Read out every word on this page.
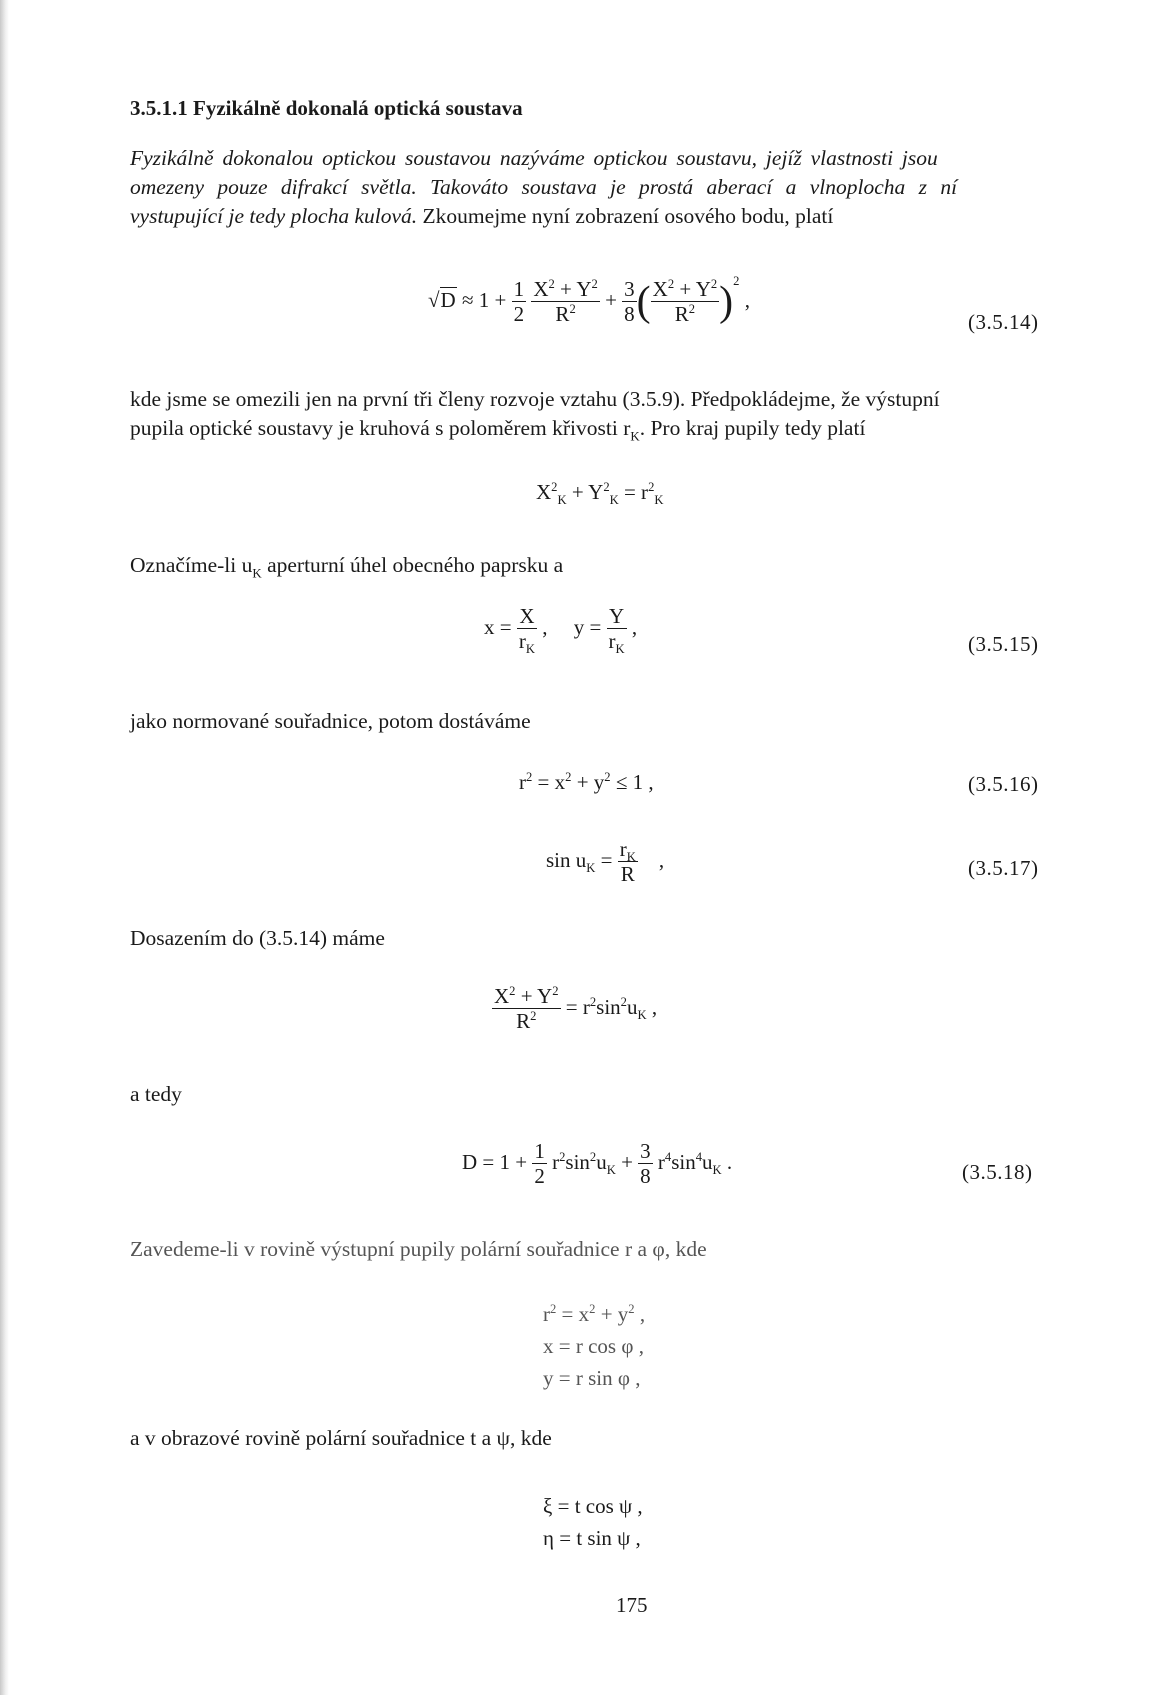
3.5.1.1 Fyzikálně dokonalá optická soustava
Fyzikálně dokonalou optickou soustavou nazýváme optickou soustavu, jejíž vlastnosti jsou
omezeny pouze difrakcí světla. Takováto soustava je prostá aberací a vlnoplocha z ní
vystupující je tedy plocha kulová. Zkoumejme nyní zobrazení osového bodu, platí
$√D \approx 1 + \frac{1}{2}$
$\frac{X^2 + Y^2}{R^2} + \frac{3}{8}$ ( $\frac{X^2 + Y^2}{R^2} )^2$ ,
(3.5.14)
kde jsme se omezili jen na první tři členy rozvoje vztahu (3.5.9). Předpokládejme, že výstupní
pupila optické soustavy je kruhová s poloměrem křivosti $r_K$. Pro kraj pupily tedy platí
$X^2_K + Y^2_K = r^2_K$
Označíme-li $u_K$ aperturní úhel obecného paprsku a
$x = \frac{X}{r_K}$ ,     $y = \frac{Y}{r_K}$ ,
(3.5.15)
jako normované souřadnice, potom dostáváme
$r^2 = x^2 + y^2 \le 1$ ,	(3.5.16)
$\sin u_K = \frac{r_K}{R}$ ,	(3.5.17)
Dosazením do (3.5.14) máme
$\frac{X^2 + Y^2}{R^2} = r^2\sin^2u_K$ ,
a tedy
$D = 1 + \frac{1}{2} r^2\sin^2u_K + \frac{3}{8} r^4\sin^4u_K$ .	(3.5.18)
Zavedeme-li v rovině výstupní pupily polární souřadnice r a φ, kde
$r^2 = x^2 + y^2$ ,
x = r cos φ ,
y = r sin φ ,
a v obrazové rovině polární souřadnice t a ψ, kde
ξ = t cos ψ ,
η = t sin ψ ,
175
